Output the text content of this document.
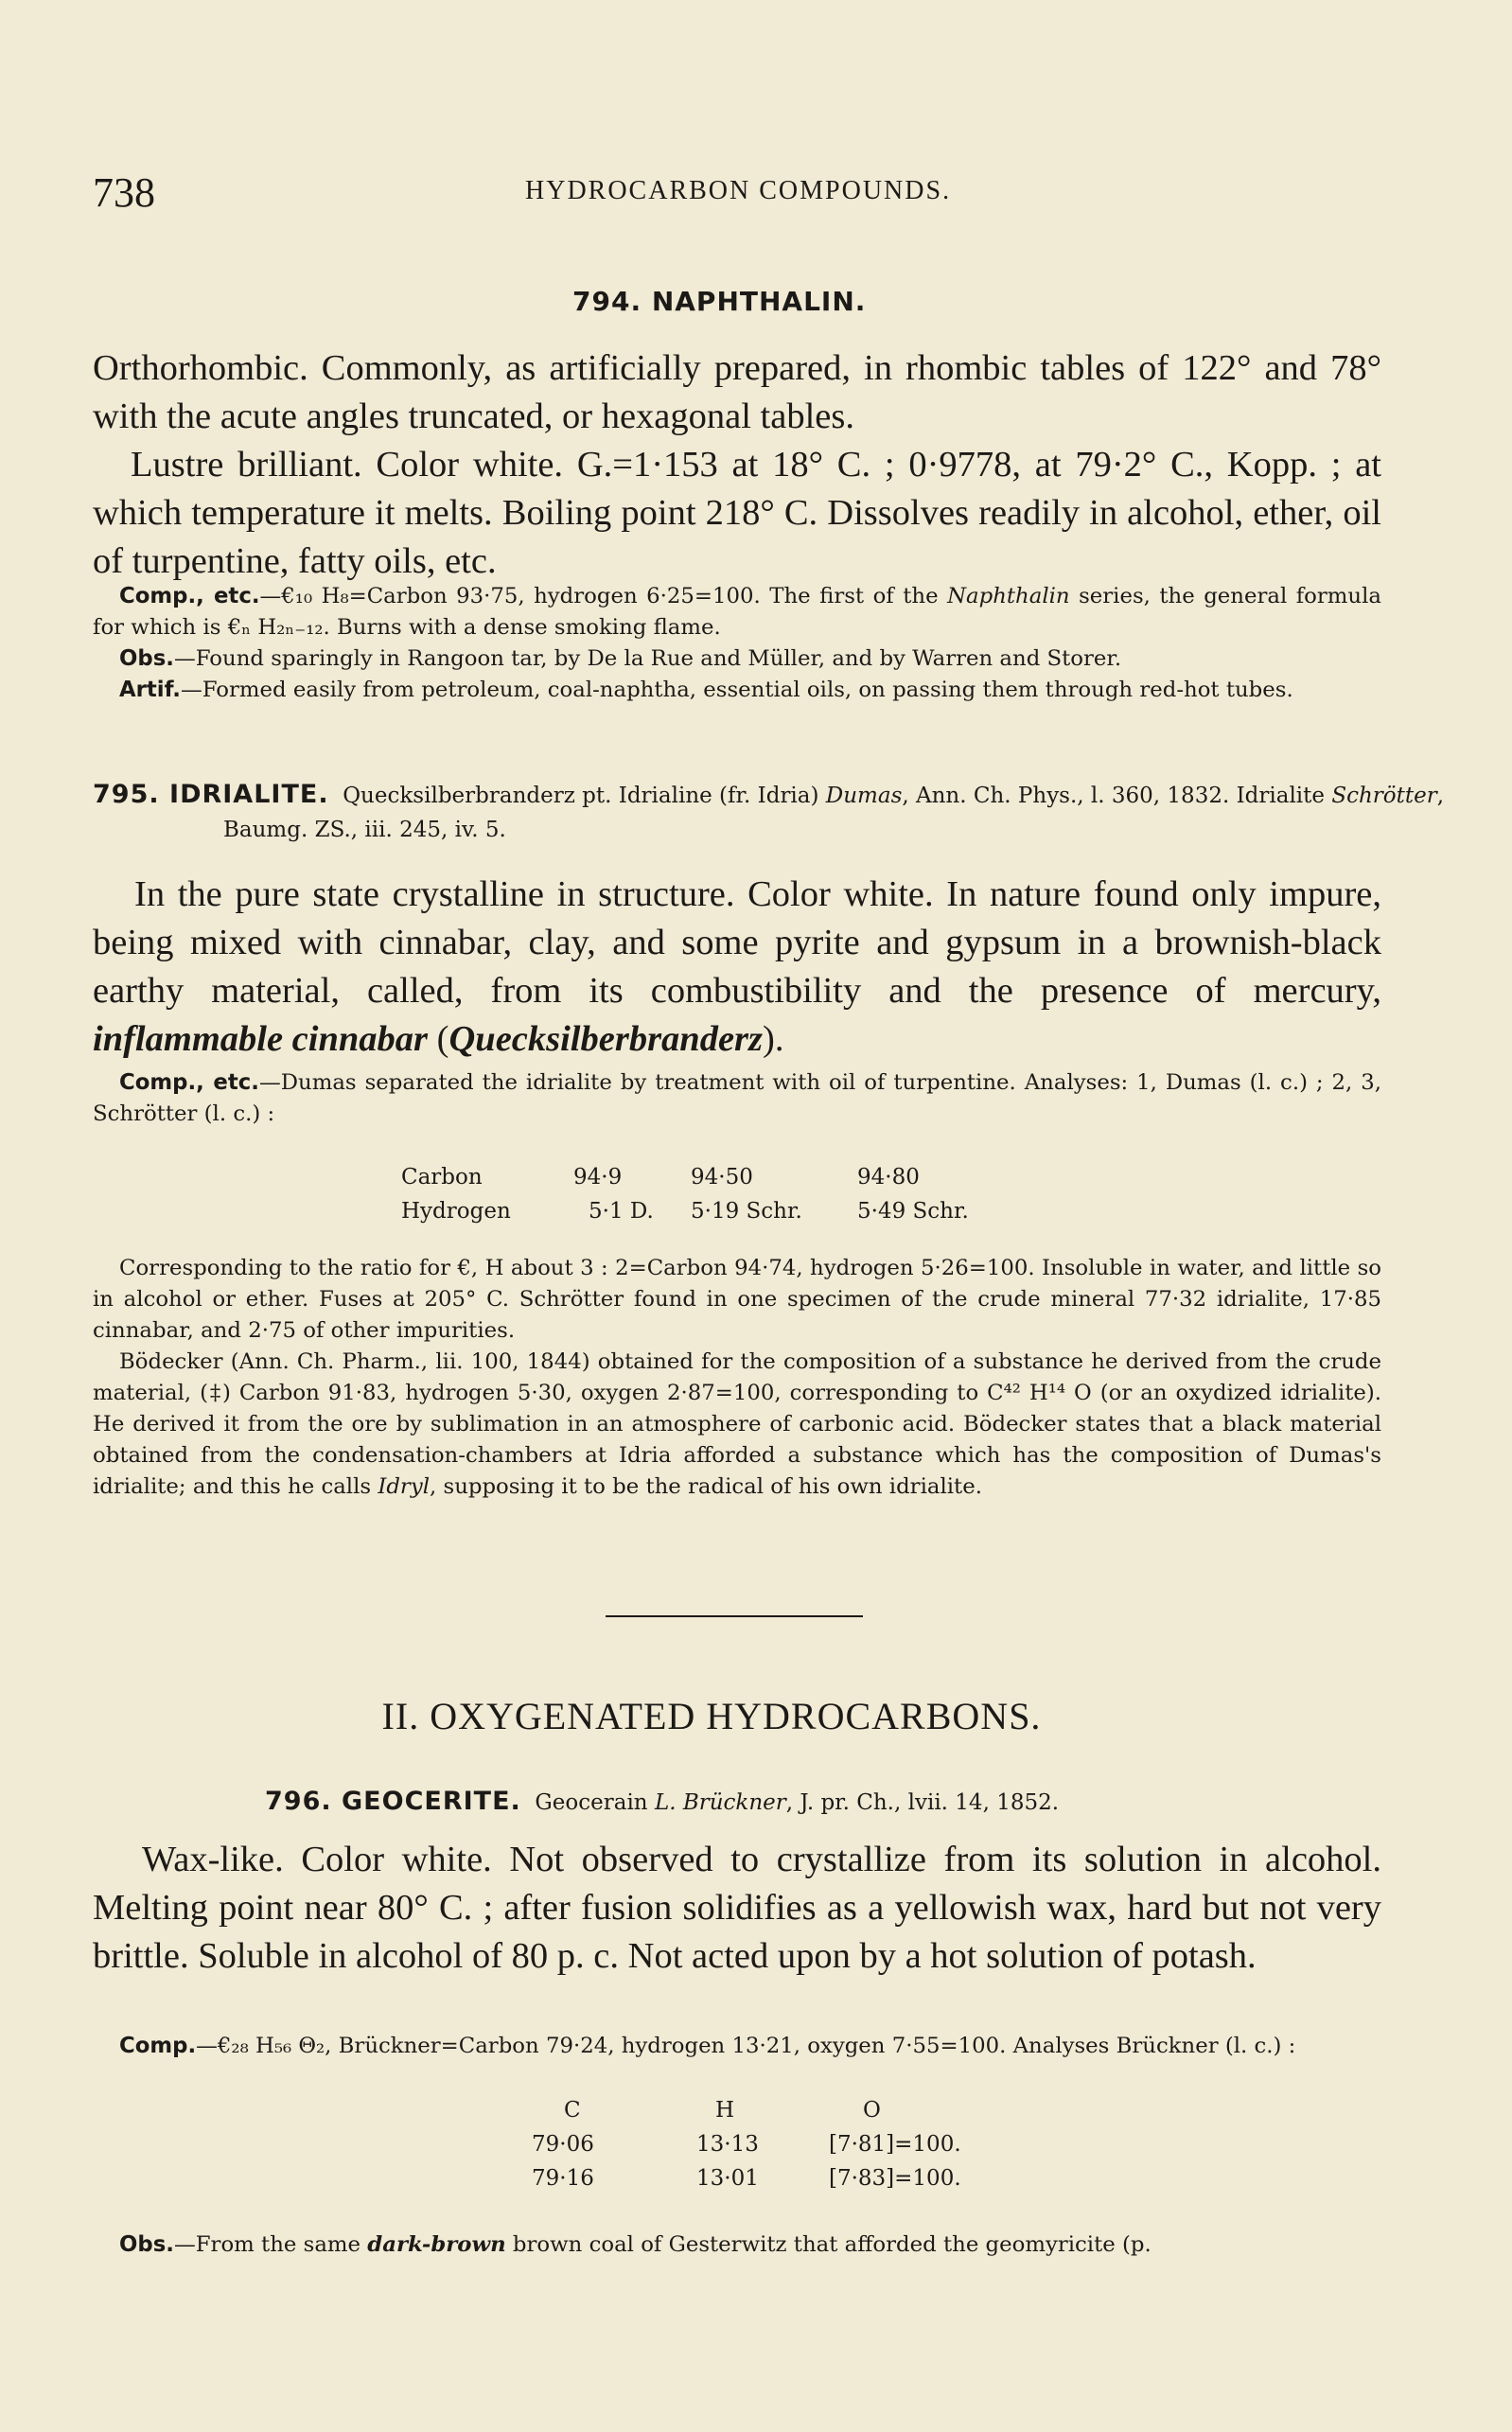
738	HYDROCARBON COMPOUNDS.
794. NAPHTHALIN.

Orthorhombic. Commonly, as artificially prepared, in rhombic tables of 122° and 78° with the acute angles truncated, or hexagonal tables.

Lustre brilliant. Color white. G.=1·153 at 18° C. ; 0·9778, at 79·2° C., Kopp. ; at which temperature it melts. Boiling point 218° C. Dissolves readily in alcohol, ether, oil of turpentine, fatty oils, etc.

Comp., etc.—€₁₀ H₈=Carbon 93·75, hydrogen 6·25=100. The first of the Naphthalin series, the general formula for which is €ₙ H₂ₙ₋₁₂. Burns with a dense smoking flame.

Obs.—Found sparingly in Rangoon tar, by De la Rue and Müller, and by Warren and Storer.

Artif.—Formed easily from petroleum, coal-naphtha, essential oils, on passing them through red-hot tubes.

795. IDRIALITE. Quecksilberbranderz pt. Idrialine (fr. Idria) Dumas, Ann. Ch. Phys., l. 360, 1832. Idrialite Schrötter, Baumg. ZS., iii. 245, iv. 5.

In the pure state crystalline in structure. Color white. In nature found only impure, being mixed with cinnabar, clay, and some pyrite and gypsum in a brownish-black earthy material, called, from its combustibility and the presence of mercury, inflammable cinnabar (Quecksilberbranderz).

Comp., etc.—Dumas separated the idrialite by treatment with oil of turpentine. Analyses: 1, Dumas (l. c.) ; 2, 3, Schrötter (l. c.) :

Carbon	94·9	94·50	94·80
Hydrogen	5·1 D.	5·19 Schr.	5·49 Schr.

Corresponding to the ratio for €, H about 3 : 2=Carbon 94·74, hydrogen 5·26=100. Insoluble in water, and little so in alcohol or ether. Fuses at 205° C. Schrötter found in one specimen of the crude mineral 77·32 idrialite, 17·85 cinnabar, and 2·75 of other impurities.

Bödecker (Ann. Ch. Pharm., lii. 100, 1844) obtained for the composition of a substance he derived from the crude material, (‡) Carbon 91·83, hydrogen 5·30, oxygen 2·87=100, corresponding to C⁴² H¹⁴ O (or an oxydized idrialite). He derived it from the ore by sublimation in an atmosphere of carbonic acid. Bödecker states that a black material obtained from the condensation-chambers at Idria afforded a substance which has the composition of Dumas's idrialite; and this he calls Idryl, supposing it to be the radical of his own idrialite.

II. OXYGENATED HYDROCARBONS.
796. GEOCERITE. Geocerain L. Brückner, J. pr. Ch., lvii. 14, 1852.

Wax-like. Color white. Not observed to crystallize from its solution in alcohol. Melting point near 80° C. ; after fusion solidifies as a yellowish wax, hard but not very brittle. Soluble in alcohol of 80 p. c. Not acted upon by a hot solution of potash.

Comp.—€₂₈ H₅₆ Θ₂, Brückner=Carbon 79·24, hydrogen 13·21, oxygen 7·55=100. Analyses Brückner (l. c.) :

C	H	O
79·06	13·13	[7·81]=100.
79·16	13·01	[7·83]=100.

Obs.—From the same dark-brown brown coal of Gesterwitz that afforded the geomyricite (p.
